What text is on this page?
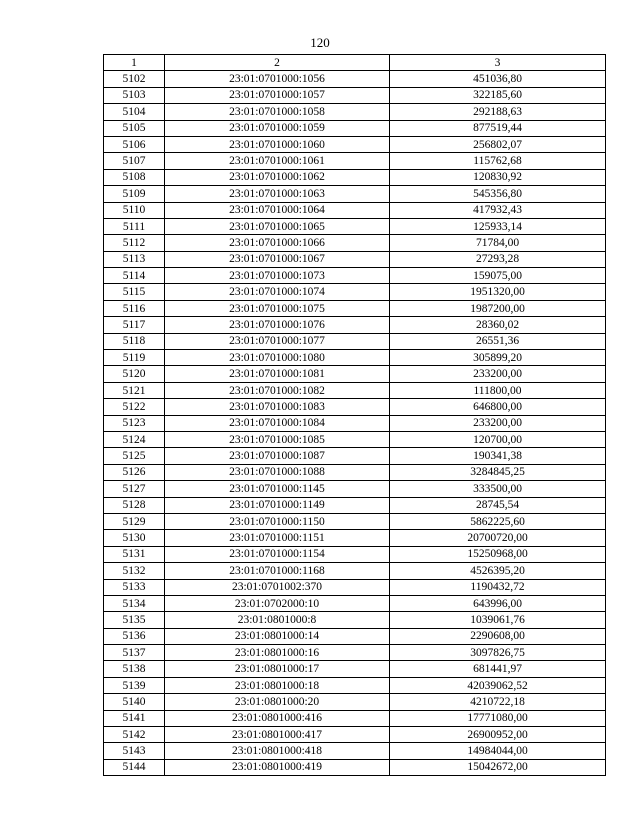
120
1	2	3
5102	23:01:0701000:1056	451036,80
5103	23:01:0701000:1057	322185,60
5104	23:01:0701000:1058	292188,63
5105	23:01:0701000:1059	877519,44
5106	23:01:0701000:1060	256802,07
5107	23:01:0701000:1061	115762,68
5108	23:01:0701000:1062	120830,92
5109	23:01:0701000:1063	545356,80
5110	23:01:0701000:1064	417932,43
5111	23:01:0701000:1065	125933,14
5112	23:01:0701000:1066	71784,00
5113	23:01:0701000:1067	27293,28
5114	23:01:0701000:1073	159075,00
5115	23:01:0701000:1074	1951320,00
5116	23:01:0701000:1075	1987200,00
5117	23:01:0701000:1076	28360,02
5118	23:01:0701000:1077	26551,36
5119	23:01:0701000:1080	305899,20
5120	23:01:0701000:1081	233200,00
5121	23:01:0701000:1082	111800,00
5122	23:01:0701000:1083	646800,00
5123	23:01:0701000:1084	233200,00
5124	23:01:0701000:1085	120700,00
5125	23:01:0701000:1087	190341,38
5126	23:01:0701000:1088	3284845,25
5127	23:01:0701000:1145	333500,00
5128	23:01:0701000:1149	28745,54
5129	23:01:0701000:1150	5862225,60
5130	23:01:0701000:1151	20700720,00
5131	23:01:0701000:1154	15250968,00
5132	23:01:0701000:1168	4526395,20
5133	23:01:0701002:370	1190432,72
5134	23:01:0702000:10	643996,00
5135	23:01:0801000:8	1039061,76
5136	23:01:0801000:14	2290608,00
5137	23:01:0801000:16	3097826,75
5138	23:01:0801000:17	681441,97
5139	23:01:0801000:18	42039062,52
5140	23:01:0801000:20	4210722,18
5141	23:01:0801000:416	17771080,00
5142	23:01:0801000:417	26900952,00
5143	23:01:0801000:418	14984044,00
5144	23:01:0801000:419	15042672,00
